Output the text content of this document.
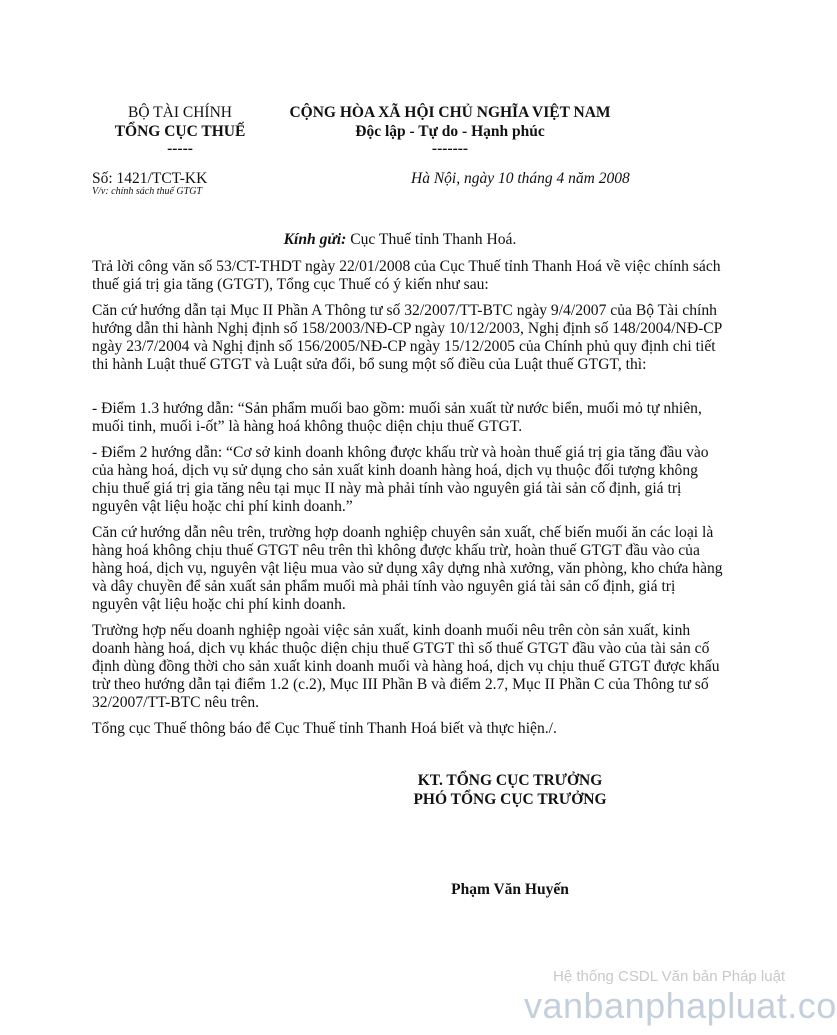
BỘ TÀI CHÍNH
TỔNG CỤC THUẾ
-----
CỘNG HÒA XÃ HỘI CHỦ NGHĨA VIỆT NAM
Độc lập - Tự do - Hạnh phúc
-------
Số: 1421/TCT-KK
V/v: chính sách thuế GTGT
Hà Nội, ngày 10 tháng 4 năm 2008
Kính gửi: Cục Thuế tỉnh Thanh Hoá.

Trả lời công văn số 53/CT-THDT ngày 22/01/2008 của Cục Thuế tỉnh Thanh Hoá về việc chính sách thuế giá trị gia tăng (GTGT), Tổng cục Thuế có ý kiến như sau:

Căn cứ hướng dẫn tại Mục II Phần A Thông tư số 32/2007/TT-BTC ngày 9/4/2007 của Bộ Tài chính hướng dẫn thi hành Nghị định số 158/2003/NĐ-CP ngày 10/12/2003, Nghị định số 148/2004/NĐ-CP ngày 23/7/2004 và Nghị định số 156/2005/NĐ-CP ngày 15/12/2005 của Chính phủ quy định chi tiết thi hành Luật thuế GTGT và Luật sửa đổi, bổ sung một số điều của Luật thuế GTGT, thì:

- Điểm 1.3 hướng dẫn: “Sản phẩm muối bao gồm: muối sản xuất từ nước biển, muối mỏ tự nhiên, muối tinh, muối i-ốt” là hàng hoá không thuộc diện chịu thuế GTGT.

- Điểm 2 hướng dẫn: “Cơ sở kinh doanh không được khấu trừ và hoàn thuế giá trị gia tăng đầu vào của hàng hoá, dịch vụ sử dụng cho sản xuất kinh doanh hàng hoá, dịch vụ thuộc đối tượng không chịu thuế giá trị gia tăng nêu tại mục II này mà phải tính vào nguyên giá tài sản cố định, giá trị nguyên vật liệu hoặc chi phí kinh doanh.”

Căn cứ hướng dẫn nêu trên, trường hợp doanh nghiệp chuyên sản xuất, chế biến muối ăn các loại là hàng hoá không chịu thuế GTGT nêu trên thì không được khấu trừ, hoàn thuế GTGT đầu vào của hàng hoá, dịch vụ, nguyên vật liệu mua vào sử dụng xây dựng nhà xưởng, văn phòng, kho chứa hàng và dây chuyền để sản xuất sản phẩm muối mà phải tính vào nguyên giá tài sản cố định, giá trị nguyên vật liệu hoặc chi phí kinh doanh.

Trường hợp nếu doanh nghiệp ngoài việc sản xuất, kinh doanh muối nêu trên còn sản xuất, kinh doanh hàng hoá, dịch vụ khác thuộc diện chịu thuế GTGT thì số thuế GTGT đầu vào của tài sản cố định dùng đồng thời cho sản xuất kinh doanh muối và hàng hoá, dịch vụ chịu thuế GTGT được khấu trừ theo hướng dẫn tại điểm 1.2 (c.2), Mục III Phần B và điểm 2.7, Mục II Phần C của Thông tư số 32/2007/TT-BTC nêu trên.

Tổng cục Thuế thông báo để Cục Thuế tỉnh Thanh Hoá biết và thực hiện./.

KT. TỔNG CỤC TRƯỞNG
PHÓ TỔNG CỤC TRƯỞNG
Phạm Văn Huyến
Hệ thống CSDL Văn bản Pháp luật
vanbanphapluat.co
